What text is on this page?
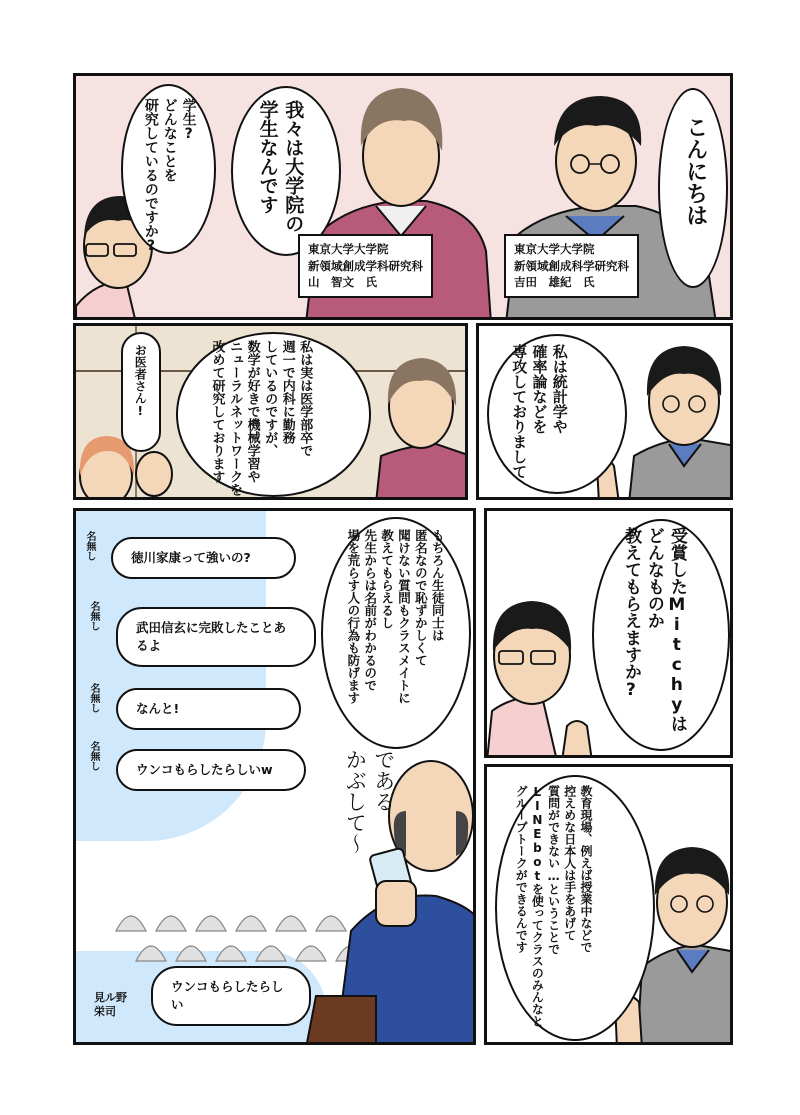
こんにちは
我々は大学院の
学生なんです
学生?
どんなことを
研究しているのですか?	東京大学大学院
新領域創成学科研究科
山　智文　氏
東京大学大学院
新領域創成科学研究科
吉田　雄紀　氏
私は実は医学部卒で
週一で内科に勤務
しているのですが、
数学が好きで機械学習や
ニューラルネットワークを
改めて研究しております
お医者さん!	私は統計学や
確率論などを
専攻しておりまして
もちろん生徒同士は
匿名なので恥ずかしくて
聞けない質問もクラスメイトに
教えてもらえるし
先生からは名前がわかるので
場を荒らす人の行為も防げます
である
かぶして〜
名無し	徳川家康って強いの?
名無し	武田信玄に完敗したことあるよ
名無し	なんと!
名無し	ウンコもらしたらしいw
見ル野
栄司
ウンコもらしたらしい
受賞したMitchyは
どんなものか
教えてもらえますか?
教育現場、例えば授業中などで
控えめな日本人は手をあげて
質問ができない…ということで
LINEbotを使ってクラスのみんなと
グループトークができるんです
